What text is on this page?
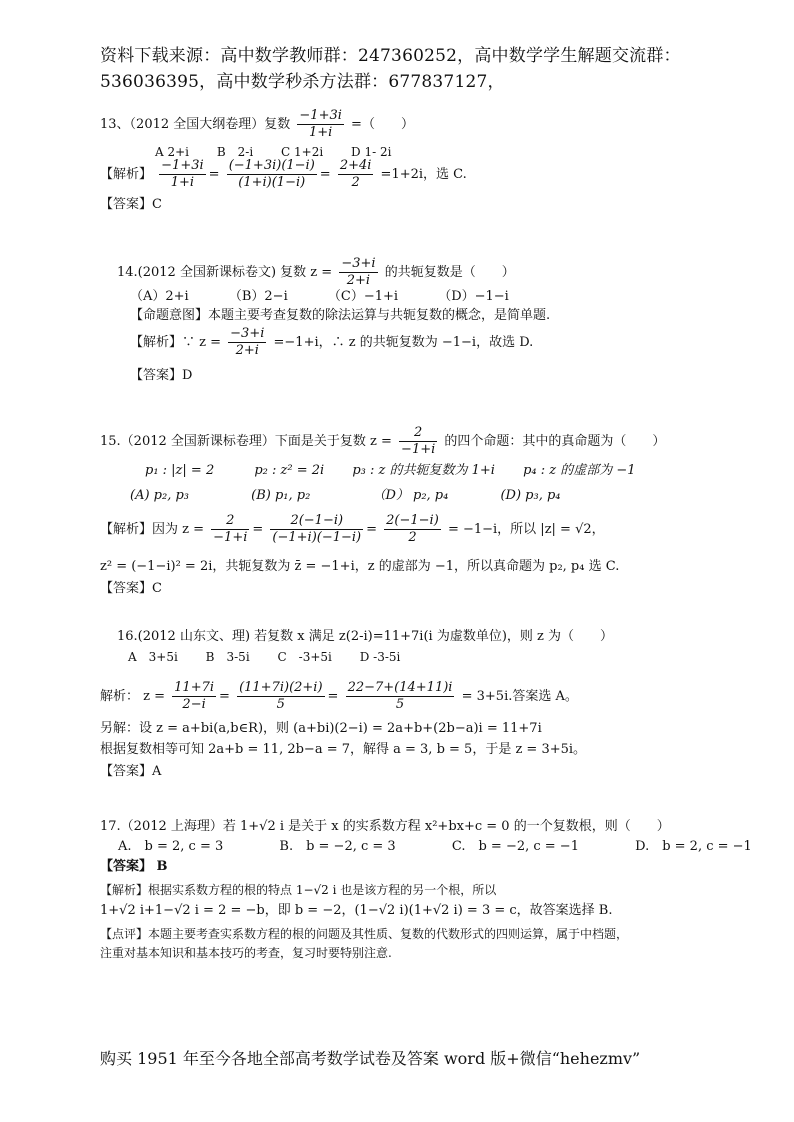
资料下载来源：高中数学教师群：247360252，高中数学学生解题交流群：
536036395，高中数学秒杀方法群：677837127，
13、（2012 全国大纲卷理）复数 $\frac{-1+3i}{1+i}$ =（　　）
A 2+i B　2-i C 1+2i D 1- 2i
【解析】 $\frac{-1+3i}{1+i} = \frac{(-1+3i)(1-i)}{(1+i)(1-i)} = \frac{2+4i}{2} =1+2i$，选 C.
【答案】C
14.(2012 全国新课标卷文) 复数 $z = \frac{-3+i}{2+i}$ 的共轭复数是（　　）
（A）2+i	（B）2−i	（C）−1+i	（D）−1−i
【命题意图】本题主要考查复数的除法运算与共轭复数的概念，是简单题.
【解析】∵ $z = \frac{-3+i}{2+i} =-1+i$，∴ z 的共轭复数为 −1−i，故选 D.
【答案】D
15.（2012 全国新课标卷理）下面是关于复数 $z = \frac{2}{-1+i}$ 的四个命题：其中的真命题为（　　）
p₁ : |z| = 2	p₂ : z² = 2i p₃ : z 的共轭复数为 1+i p₄ : z 的虚部为 −1
(A) p₂, p₃	(B) p₁, p₂	（D） p₂, p₄	(D) p₃, p₄
【解析】因为 $z = \frac{2}{-1+i} = \frac{2(-1-i)}{(-1+i)(-1-i)} = \frac{2(-1-i)}{2} = -1-i$，所以 |z| = √2，
z² = (−1−i)² = 2i，共轭复数为 z̄ = −1+i，z 的虚部为 −1，所以真命题为 p₂, p₄ 选 C.
【答案】C
16.(2012 山东文、理) 若复数 x 满足 z(2-i)=11+7i(i 为虚数单位)，则 z 为（　　）
A　3+5i B　3-5i C　-3+5i D -3-5i
解析： $z = \frac{11+7i}{2-i} = \frac{(11+7i)(2+i)}{5} = \frac{22-7+(14+11)i}{5} = 3+5i$.答案选 A。
另解：设 z = a+bi(a,b∈R)，则 (a+bi)(2−i) = 2a+b+(2b−a)i = 11+7i
根据复数相等可知 2a+b = 11, 2b−a = 7，解得 a = 3, b = 5，于是 z = 3+5i。
【答案】A
17.（2012 上海理）若 1+√2 i 是关于 x 的实系数方程 x²+bx+c = 0 的一个复数根，则（　　）
A.　b = 2, c = 3	B.　b = −2, c = 3	C.　b = −2, c = −1	D.　b = 2, c = −1
【答案】 B
【解析】根据实系数方程的根的特点 1−√2 i 也是该方程的另一个根，所以
1+√2 i+1−√2 i = 2 = −b，即 b = −2，(1−√2 i)(1+√2 i) = 3 = c，故答案选择 B.
【点评】本题主要考查实系数方程的根的问题及其性质、复数的代数形式的四则运算，属于中档题，
注重对基本知识和基本技巧的考查，复习时要特别注意.
购买 1951 年至今各地全部高考数学试卷及答案 word 版+微信“hehezmv”
